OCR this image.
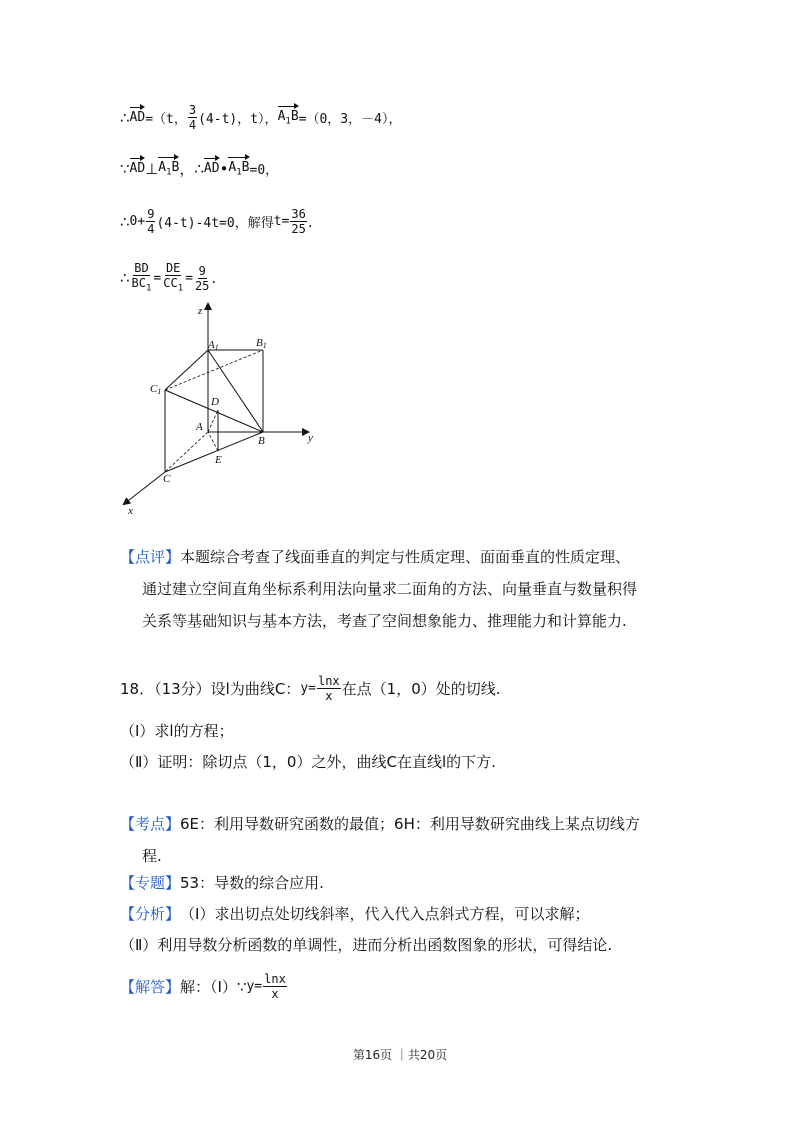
∴ AD =（t， $\frac{3}{4} (4-t)$，t）， $A_1B =(0$，3，－4），
∵ AD ⊥ $A_1B$ ，∴ AD • $A_1B =0$，
∴ $0+ \frac{9}{4} (4-t)-4t=0$，解得 $t= \frac{36}{25}$ .
∴ $\frac{BD}{BC_1} = \frac{DE}{CC_1} = \frac{9}{25}$ .
z
y
x
A1	B1
C1
D
A
B
E
C
【点评】本题综合考查了线面垂直的判定与性质定理、面面垂直的性质定理、
通过建立空间直角坐标系利用法向量求二面角的方法、向量垂直与数量积得
关系等基础知识与基本方法，考查了空间想象能力、推理能力和计算能力.
18．（13分）设l为曲线C： $y= \frac{\ln x}{x}$ 在点（1，0）处的切线.
（Ⅰ）求l的方程；
（Ⅱ）证明：除切点（1，0）之外，曲线C在直线l的下方.
【考点】6E：利用导数研究函数的最值；6H：利用导数研究曲线上某点切线方
程.
【专题】 53：导数的综合应用.
【分析】 （Ⅰ）求出切点处切线斜率，代入代入点斜式方程，可以求解；
（Ⅱ）利用导数分析函数的单调性，进而分析出函数图象的形状，可得结论.
【解答】 解：（Ⅰ）∵ $y= \frac{\ln x}{x}$
第16页 ｜共20页
